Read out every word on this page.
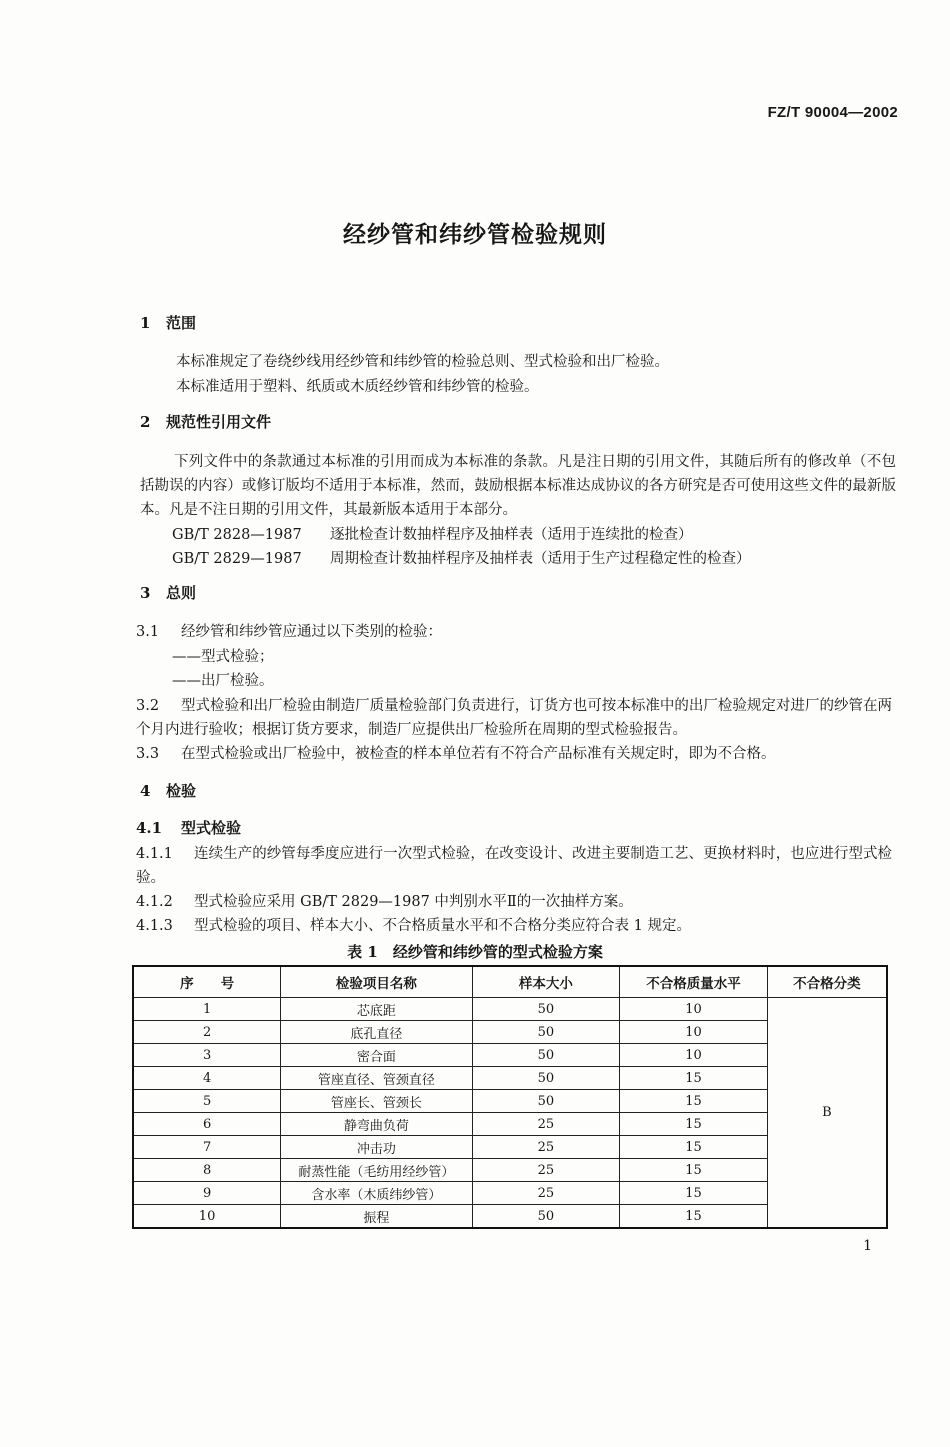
FZ/T 90004—2002
经纱管和纬纱管检验规则
1 范围
本标准规定了卷绕纱线用经纱管和纬纱管的检验总则、型式检验和出厂检验。
本标准适用于塑料、纸质或木质经纱管和纬纱管的检验。
2 规范性引用文件
下列文件中的条款通过本标准的引用而成为本标准的条款。凡是注日期的引用文件，其随后所有的修改单（不包括勘误的内容）或修订版均不适用于本标准，然而，鼓励根据本标准达成协议的各方研究是否可使用这些文件的最新版本。凡是不注日期的引用文件，其最新版本适用于本部分。
GB/T 2828—1987 逐批检查计数抽样程序及抽样表（适用于连续批的检查）
GB/T 2829—1987 周期检查计数抽样程序及抽样表（适用于生产过程稳定性的检查）
3 总则
3.1 经纱管和纬纱管应通过以下类别的检验：
——型式检验；
——出厂检验。
3.2 型式检验和出厂检验由制造厂质量检验部门负责进行，订货方也可按本标准中的出厂检验规定对进厂的纱管在两个月内进行验收；根据订货方要求，制造厂应提供出厂检验所在周期的型式检验报告。
3.3 在型式检验或出厂检验中，被检查的样本单位若有不符合产品标准有关规定时，即为不合格。
4 检验
4.1 型式检验
4.1.1 连续生产的纱管每季度应进行一次型式检验，在改变设计、改进主要制造工艺、更换材料时，也应进行型式检验。
4.1.2 型式检验应采用 GB/T 2829—1987 中判别水平Ⅱ的一次抽样方案。
4.1.3 型式检验的项目、样本大小、不合格质量水平和不合格分类应符合表 1 规定。
表 1　经纱管和纬纱管的型式检验方案
序　　号	检验项目名称	样本大小	不合格质量水平	不合格分类
1	芯底距	50	10	B
2	底孔直径	50	10	
3	密合面	50	10	
4	管座直径、管颈直径	50	15	
5	管座长、管颈长	50	15	
6	静弯曲负荷	25	15	
7	冲击功	25	15	
8	耐蒸性能（毛纺用经纱管）	25	15	
9	含水率（木质纬纱管）	25	15	
10	振程	50	15	
1
